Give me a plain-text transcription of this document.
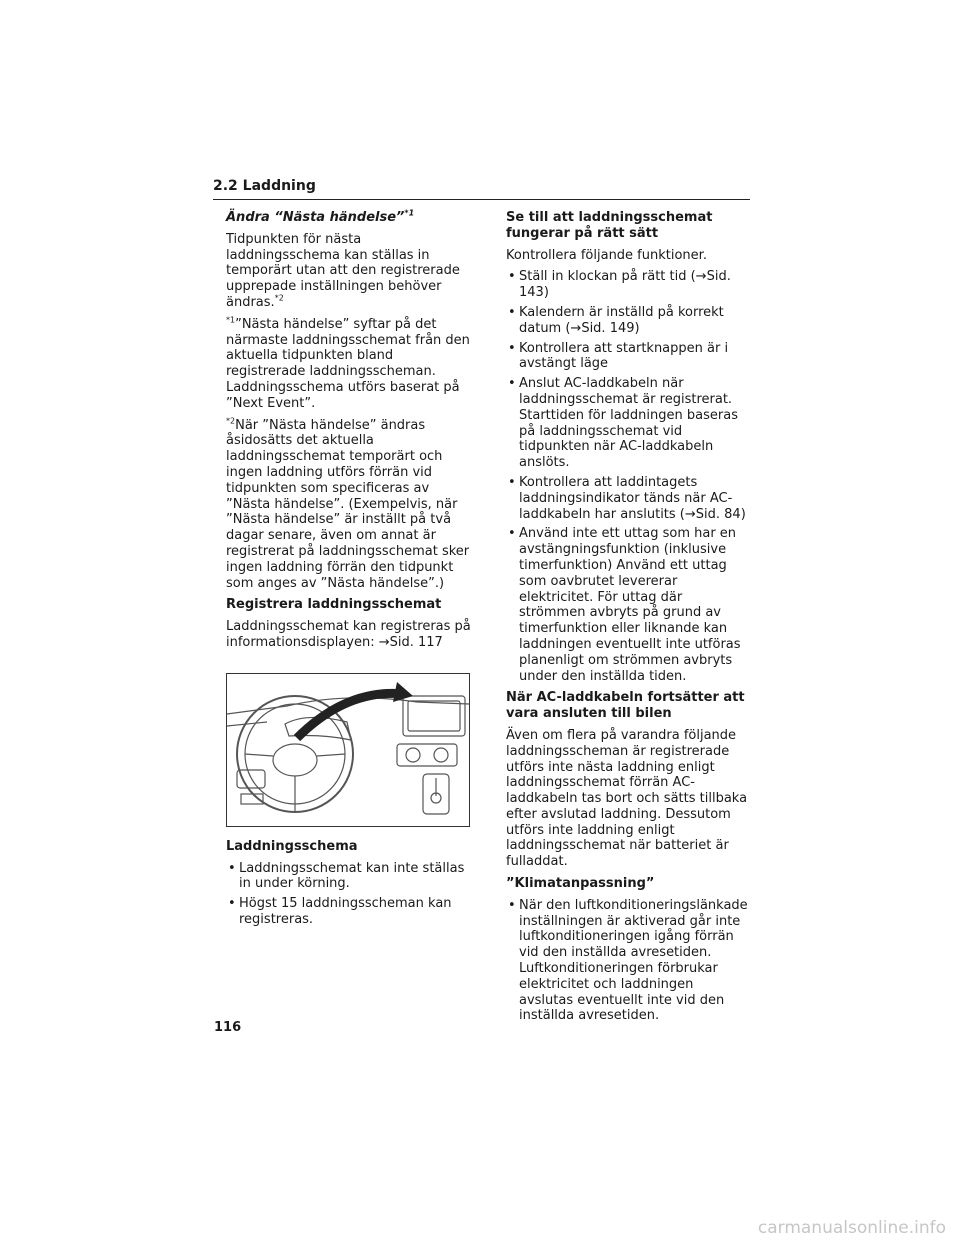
2.2 Laddning
Ändra “Nästa händelse”$^{*1}$

Tidpunkten för nästa laddningsschema kan ställas in temporärt utan att den registrerade upprepade inställningen behöver ändras.$^{*2}$

$^{*1}$”Nästa händelse” syftar på det närmaste laddningsschemat från den aktuella tidpunkten bland registrerade laddningsscheman. Laddningsschema utförs baserat på ”Next Event”.

$^{*2}$När ”Nästa händelse” ändras åsidosätts det aktuella laddningsschemat temporärt och ingen laddning utförs förrän vid tidpunkten som specificeras av ”Nästa händelse”. (Exempelvis, när ”Nästa händelse” är inställt på två dagar senare, även om annat är registrerat på laddningsschemat sker ingen laddning förrän den tidpunkt som anges av ”Nästa händelse”.)

Registrera laddningsschemat

Laddningsschemat kan registreras på informationsdisplayen: →Sid. 117

Laddningsschema
• Laddningsschemat kan inte ställas in under körning.
• Högst 15 laddningsscheman kan registreras.
Se till att laddningsschemat fungerar på rätt sätt

Kontrollera följande funktioner.

• Ställ in klockan på rätt tid (→Sid. 143)
• Kalendern är inställd på korrekt datum (→Sid. 149)
• Kontrollera att startknappen är i avstängt läge
• Anslut AC-laddkabeln när laddningsschemat är registrerat. Starttiden för laddningen baseras på laddningsschemat vid tidpunkten när AC-laddkabeln anslöts.
• Kontrollera att laddintagets laddningsindikator tänds när AC-laddkabeln har anslutits (→Sid. 84)
• Använd inte ett uttag som har en avstängningsfunktion (inklusive timerfunktion) Använd ett uttag som oavbrutet levererar elektricitet. För uttag där strömmen avbryts på grund av timerfunktion eller liknande kan laddningen eventuellt inte utföras planenligt om strömmen avbryts under den inställda tiden.
När AC-laddkabeln fortsätter att vara ansluten till bilen

Även om flera på varandra följande laddningsscheman är registrerade utförs inte nästa laddning enligt laddningsschemat förrän AC-laddkabeln tas bort och sätts tillbaka efter avslutad laddning. Dessutom utförs inte laddning enligt laddningsschemat när batteriet är fulladdat.

”Klimatanpassning”
• När den luftkonditioneringslänkade inställningen är aktiverad går inte luftkonditioneringen igång förrän vid den inställda avresetiden. Luftkonditioneringen förbrukar elektricitet och laddningen avslutas eventuellt inte vid den inställda avresetiden.
116
carmanualsonline.info
